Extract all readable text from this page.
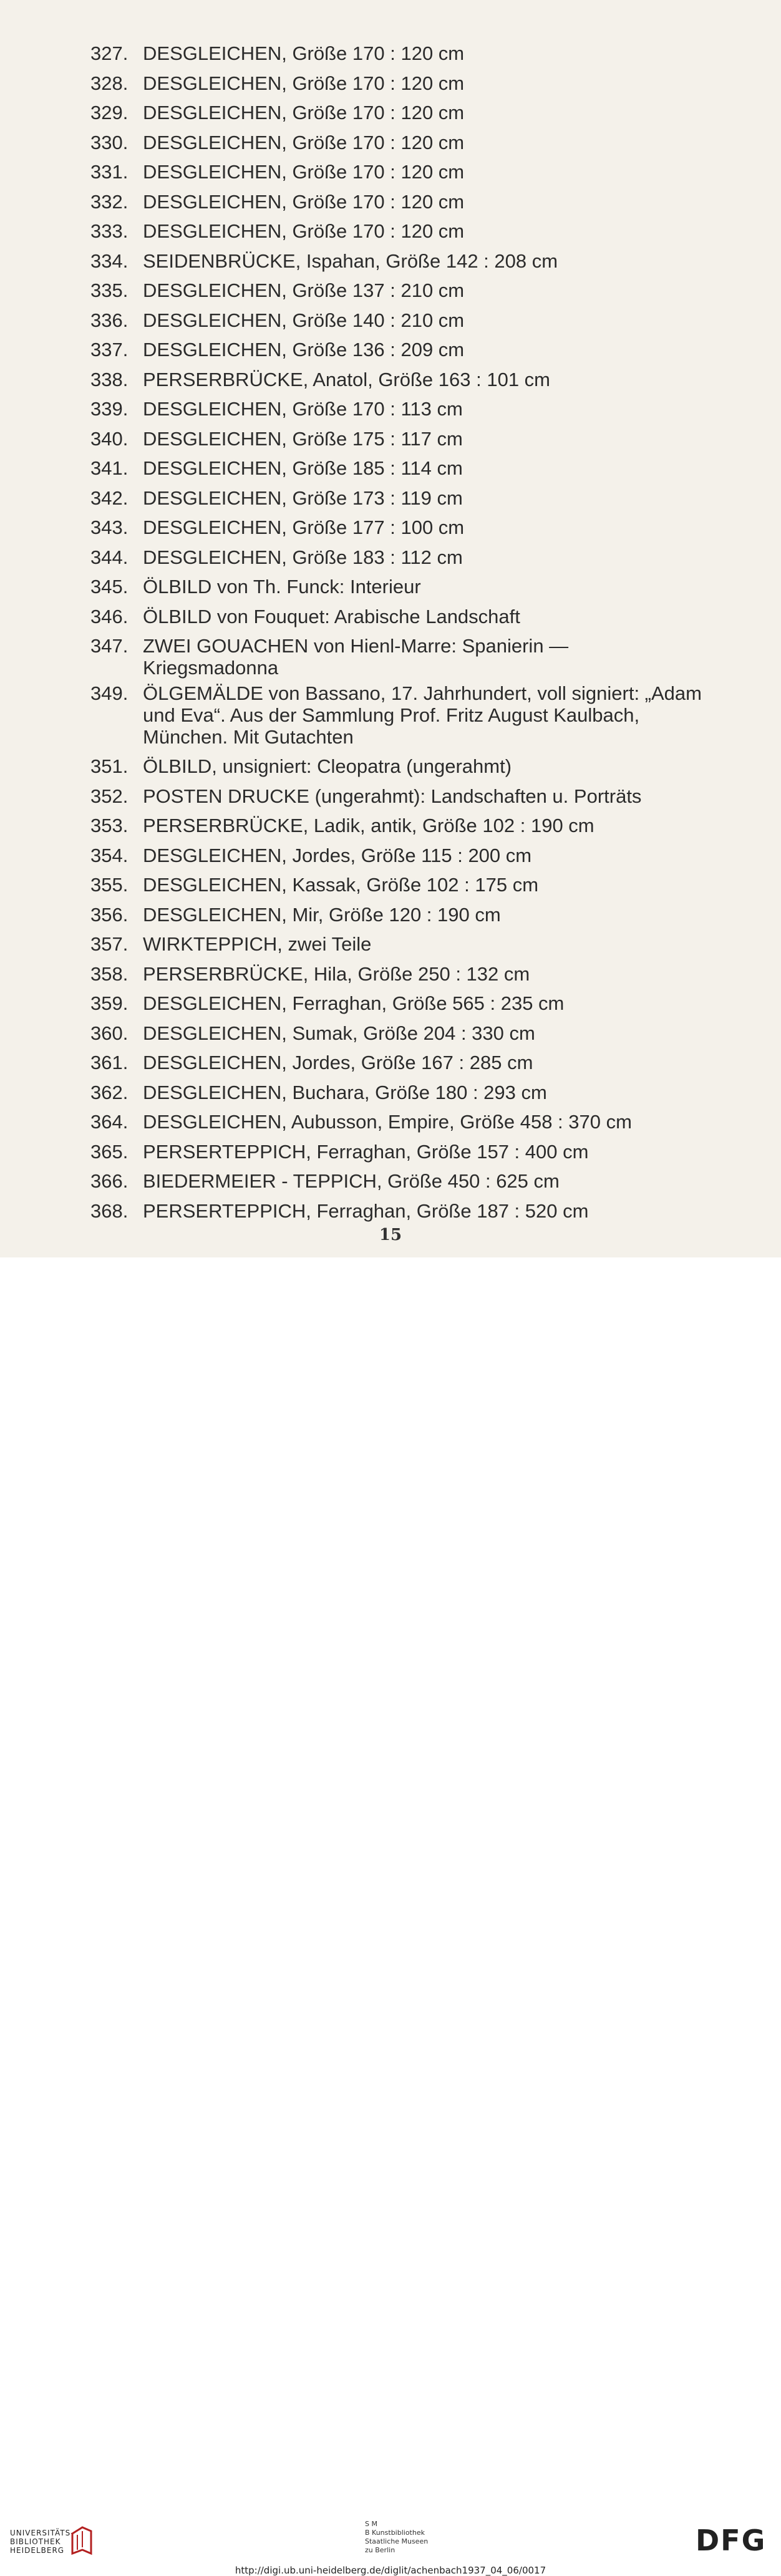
327. DESGLEICHEN, Größe 170 : 120 cm
328. DESGLEICHEN, Größe 170 : 120 cm
329. DESGLEICHEN, Größe 170 : 120 cm
330. DESGLEICHEN, Größe 170 : 120 cm
331. DESGLEICHEN, Größe 170 : 120 cm
332. DESGLEICHEN, Größe 170 : 120 cm
333. DESGLEICHEN, Größe 170 : 120 cm
334. SEIDENBRÜCKE, Ispahan, Größe 142 : 208 cm
335. DESGLEICHEN, Größe 137 : 210 cm
336. DESGLEICHEN, Größe 140 : 210 cm
337. DESGLEICHEN, Größe 136 : 209 cm
338. PERSERBRÜCKE, Anatol, Größe 163 : 101 cm
339. DESGLEICHEN, Größe 170 : 113 cm
340. DESGLEICHEN, Größe 175 : 117 cm
341. DESGLEICHEN, Größe 185 : 114 cm
342. DESGLEICHEN, Größe 173 : 119 cm
343. DESGLEICHEN, Größe 177 : 100 cm
344. DESGLEICHEN, Größe 183 : 112 cm
345. ÖLBILD von Th. Funck: Interieur
346. ÖLBILD von Fouquet: Arabische Landschaft
347. ZWEI GOUACHEN von Hienl-Marre: Spanierin — Kriegsmadonna
349. ÖLGEMÄLDE von Bassano, 17. Jahrhundert, voll signiert: „Adam und Eva“. Aus der Sammlung Prof. Fritz August Kaulbach, München. Mit Gutachten
351. ÖLBILD, unsigniert: Cleopatra (ungerahmt)
352. POSTEN DRUCKE (ungerahmt): Landschaften u. Porträts
353. PERSERBRÜCKE, Ladik, antik, Größe 102 : 190 cm
354. DESGLEICHEN, Jordes, Größe 115 : 200 cm
355. DESGLEICHEN, Kassak, Größe 102 : 175 cm
356. DESGLEICHEN, Mir, Größe 120 : 190 cm
357. WIRKTEPPICH, zwei Teile
358. PERSERBRÜCKE, Hila, Größe 250 : 132 cm
359. DESGLEICHEN, Ferraghan, Größe 565 : 235 cm
360. DESGLEICHEN, Sumak, Größe 204 : 330 cm
361. DESGLEICHEN, Jordes, Größe 167 : 285 cm
362. DESGLEICHEN, Buchara, Größe 180 : 293 cm
364. DESGLEICHEN, Aubusson, Empire, Größe 458 : 370 cm
365. PERSERTEPPICH, Ferraghan, Größe 157 : 400 cm
366. BIEDERMEIER - TEPPICH, Größe 450 : 625 cm
368. PERSERTEPPICH, Ferraghan, Größe 187 : 520 cm
15
UNIVERSITÄTS-
BIBLIOTHEK
HEIDELBERG
S M
B Kunstbibliothek
Staatliche Museen
zu Berlin	DFG
http://digi.ub.uni-heidelberg.de/diglit/achenbach1937_04_06/0017
